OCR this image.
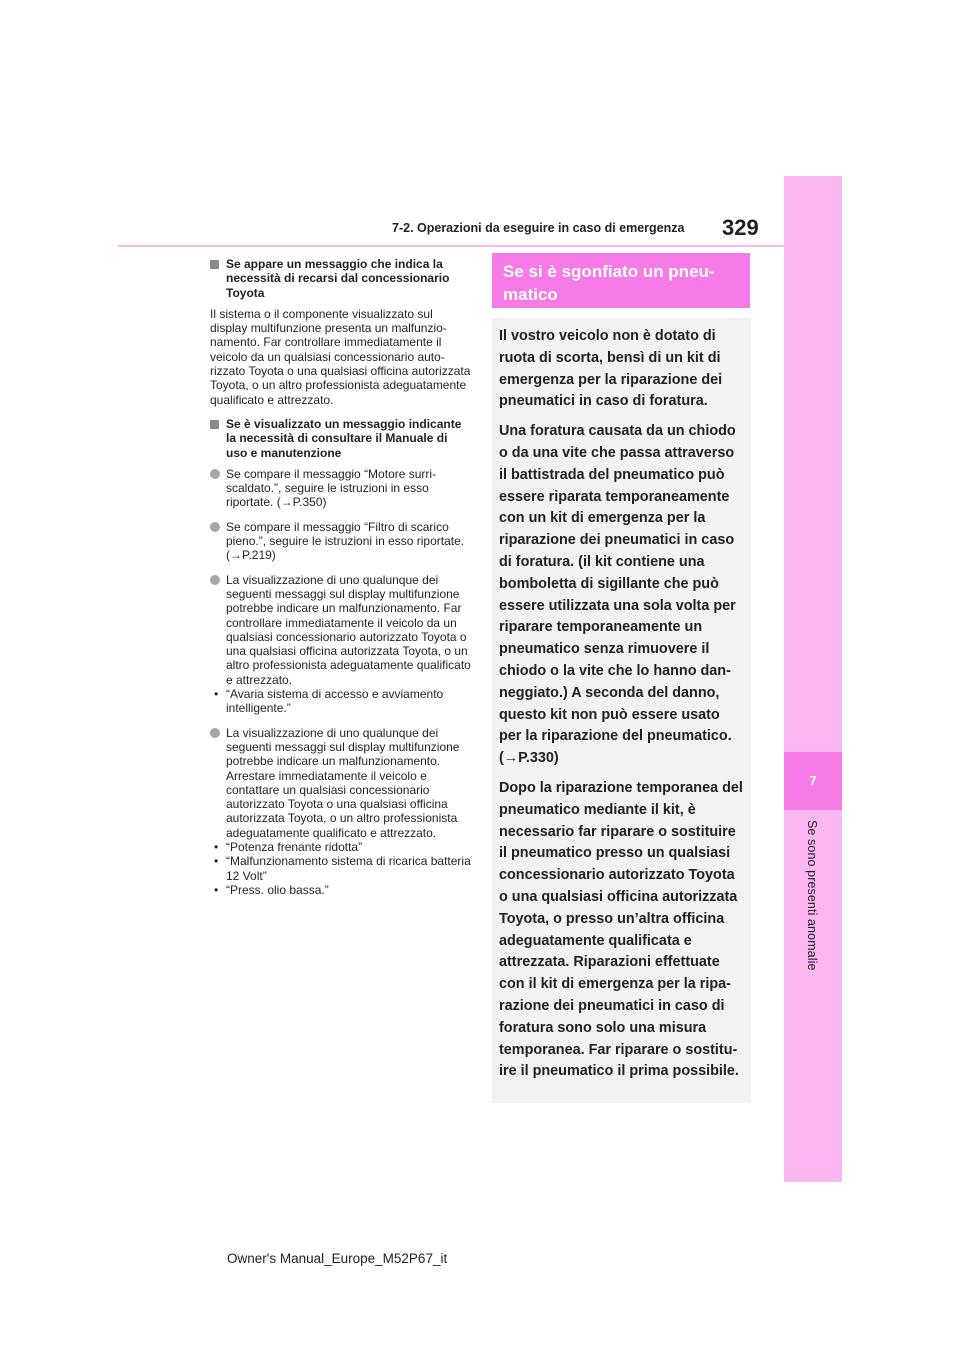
7
Se sono presenti anomalie
7-2. Operazioni da eseguire in caso di emergenza 329
Se appare un messaggio che indica la necessità di recarsi dal concessionario Toyota
Il sistema o il componente visualizzato sul display multifunzione presenta un malfunzionamento. Far controllare immediatamente il veicolo da un qualsiasi concessionario autorizzato Toyota o una qualsiasi officina autorizzata Toyota, o un altro professionista adeguatamente qualificato e attrezzato.
Se è visualizzato un messaggio indicante la necessità di consultare il Manuale di uso e manutenzione
Se compare il messaggio “Motore surriscaldato.”, seguire le istruzioni in esso riportate. (→P.350)
Se compare il messaggio “Filtro di scarico pieno.”, seguire le istruzioni in esso riportate. (→P.219)
La visualizzazione di uno qualunque dei seguenti messaggi sul display multifunzione potrebbe indicare un malfunzionamento. Far controllare immediatamente il veicolo da un qualsiasi concessionario autorizzato Toyota o una qualsiasi officina autorizzata Toyota, o un altro professionista adeguatamente qualificato e attrezzato.
• “Avaria sistema di accesso e avviamento intelligente.”
La visualizzazione di uno qualunque dei seguenti messaggi sul display multifunzione potrebbe indicare un malfunzionamento. Arrestare immediatamente il veicolo e contattare un qualsiasi concessionario autorizzato Toyota o una qualsiasi officina autorizzata Toyota, o un altro professionista adeguatamente qualificato e attrezzato.
• “Potenza frenante ridotta”
• “Malfunzionamento sistema di ricarica batteria 12 Volt”
• “Press. olio bassa.”
Se si è sgonfiato un pneumatico

Il vostro veicolo non è dotato di ruota di scorta, bensì di un kit di emergenza per la riparazione dei pneumatici in caso di foratura.

Una foratura causata da un chiodo o da una vite che passa attraverso il battistrada del pneumatico può essere riparata temporaneamente con un kit di emergenza per la riparazione dei pneumatici in caso di foratura. (il kit contiene una bomboletta di sigillante che può essere utilizzata una sola volta per riparare temporaneamente un pneumatico senza rimuovere il chiodo o la vite che lo hanno danneggiato.) A seconda del danno, questo kit non può essere usato per la riparazione del pneumatico. (→P.330)

Dopo la riparazione temporanea del pneumatico mediante il kit, è necessario far riparare o sostituire il pneumatico presso un qualsiasi concessionario autorizzato Toyota o una qualsiasi officina autorizzata Toyota, o presso un’altra officina adeguatamente qualificata e attrezzata. Riparazioni effettuate con il kit di emergenza per la riparazione dei pneumatici in caso di foratura sono solo una misura temporanea. Far riparare o sostituire il pneumatico il prima possibile.

Owner's Manual_Europe_M52P67_it
